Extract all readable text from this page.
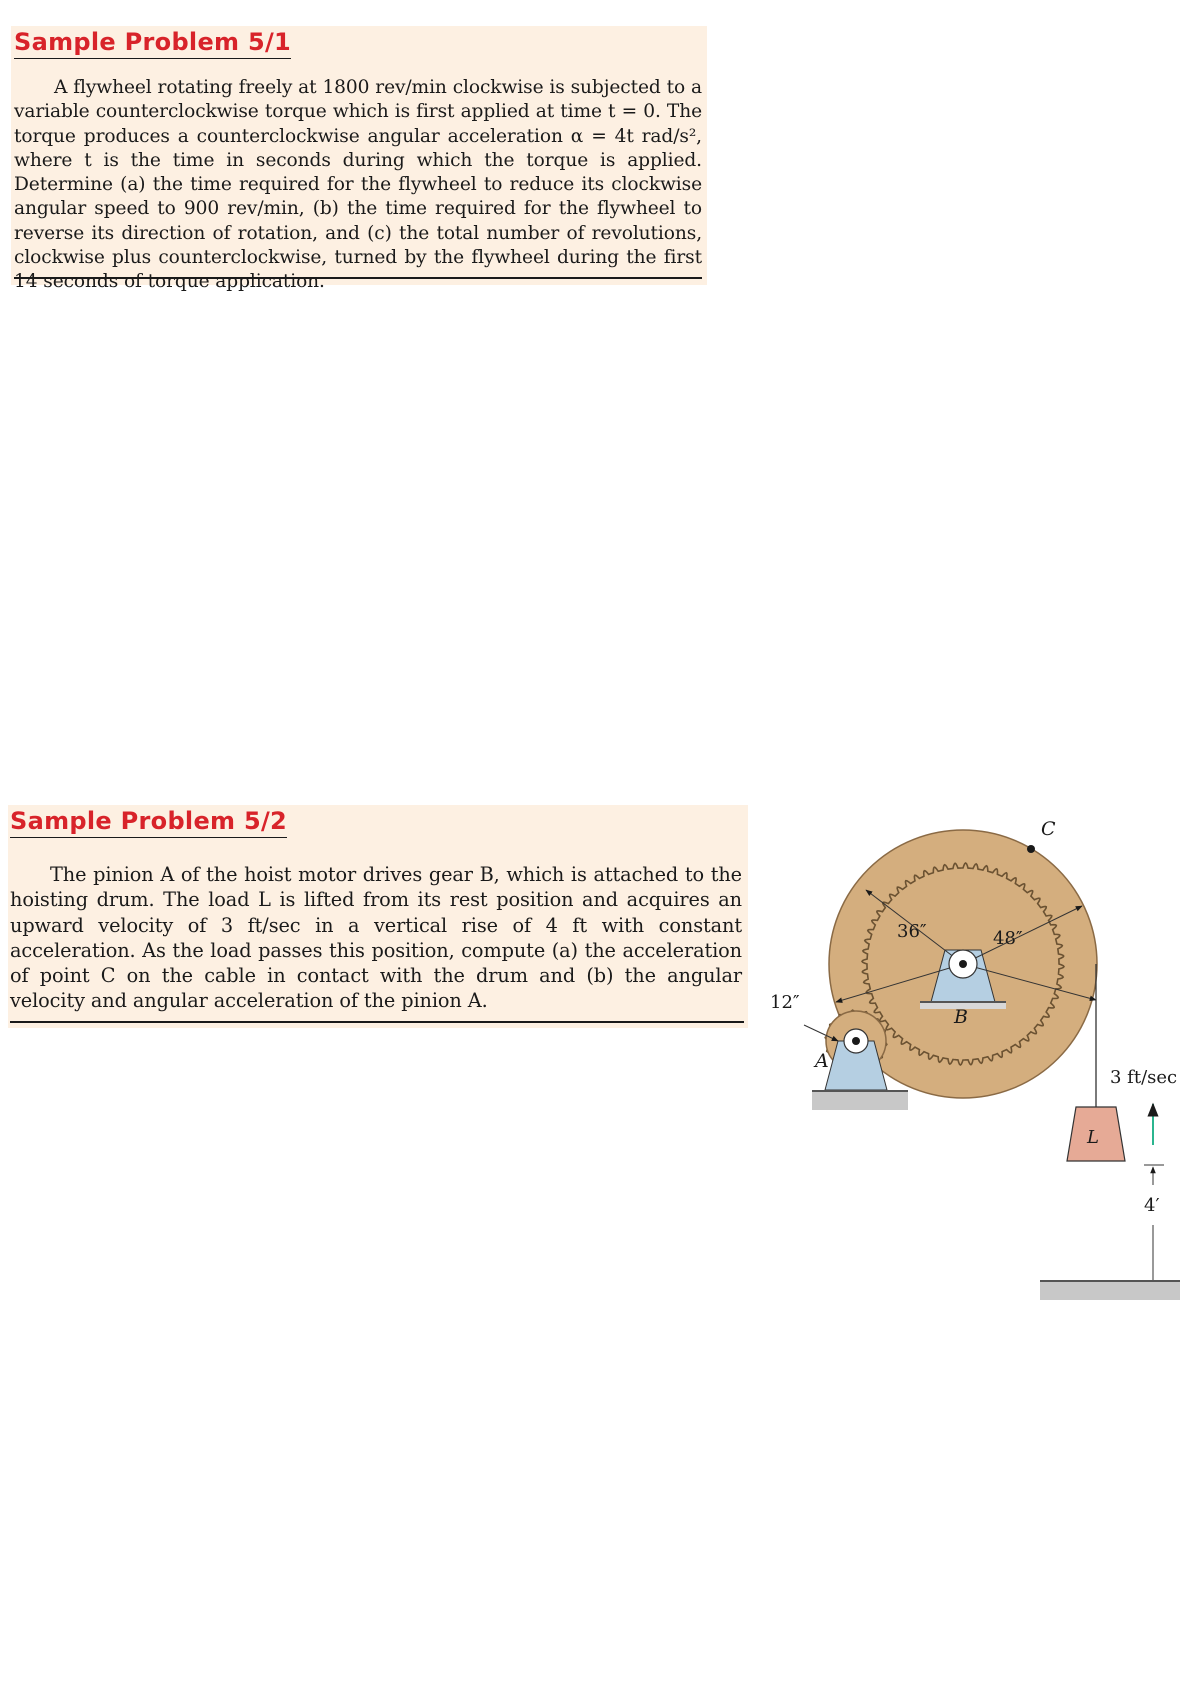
Sample Problem 5/1

A flywheel rotating freely at 1800 rev/min clockwise is subjected to a variable counterclockwise torque which is first applied at time t = 0. The torque produces a counterclockwise angular acceleration α = 4t rad/s², where t is the time in seconds during which the torque is applied. Determine (a) the time required for the flywheel to reduce its clockwise angular speed to 900 rev/min, (b) the time required for the flywheel to reverse its direction of rotation, and (c) the total number of revolutions, clockwise plus counterclockwise, turned by the flywheel during the first 14 seconds of torque application.

Sample Problem 5/2

The pinion A of the hoist motor drives gear B, which is attached to the hoisting drum. The load L is lifted from its rest position and acquires an upward velocity of 3 ft/sec in a vertical rise of 4 ft with constant acceleration. As the load passes this position, compute (a) the acceleration of point C on the cable in contact with the drum and (b) the angular velocity and angular acceleration of the pinion A.

C
B
A
L
36″	48″
12″
3 ft/sec
4′
